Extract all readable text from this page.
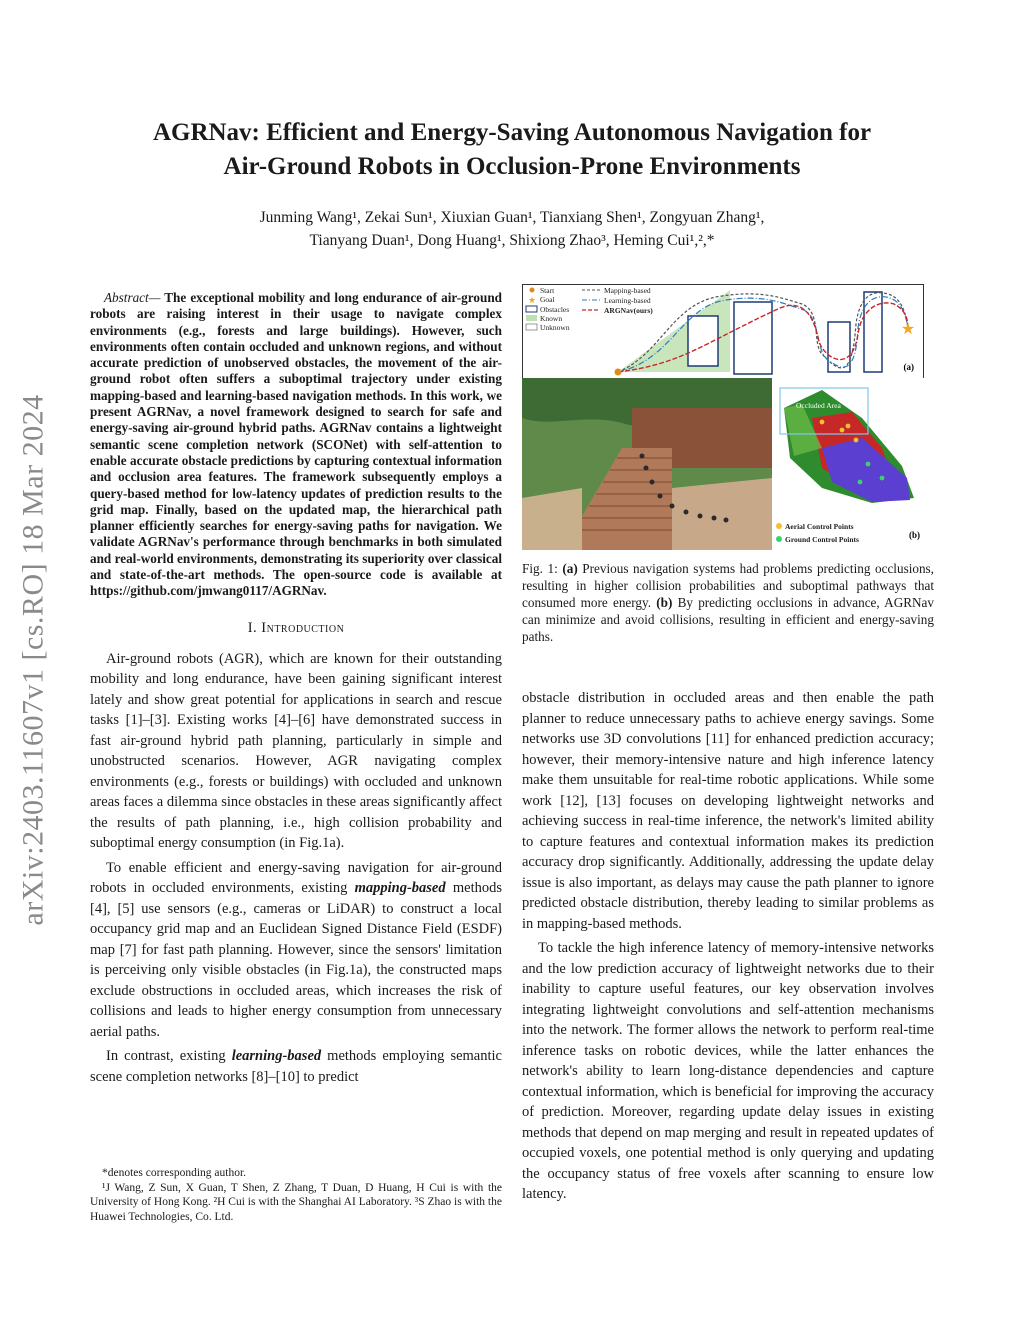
arXiv:2403.11607v1 [cs.RO] 18 Mar 2024
AGRNav: Efficient and Energy-Saving Autonomous Navigation for
Air-Ground Robots in Occlusion-Prone Environments
Junming Wang¹, Zekai Sun¹, Xiuxian Guan¹, Tianxiang Shen¹, Zongyuan Zhang¹,
Tianyang Duan¹, Dong Huang¹, Shixiong Zhao³, Heming Cui¹,²,*

Abstract— The exceptional mobility and long endurance of air-ground robots are raising interest in their usage to navigate complex environments (e.g., forests and large buildings). However, such environments often contain occluded and unknown regions, and without accurate prediction of unobserved obstacles, the movement of the air-ground robot often suffers a suboptimal trajectory under existing mapping-based and learning-based navigation methods. In this work, we present AGRNav, a novel framework designed to search for safe and energy-saving air-ground hybrid paths. AGRNav contains a lightweight semantic scene completion network (SCONet) with self-attention to enable accurate obstacle predictions by capturing contextual information and occlusion area features. The framework subsequently employs a query-based method for low-latency updates of prediction results to the grid map. Finally, based on the updated map, the hierarchical path planner efficiently searches for energy-saving paths for navigation. We validate AGRNav's performance through benchmarks in both simulated and real-world environments, demonstrating its superiority over classical and state-of-the-art methods. The open-source code is available at https://github.com/jmwang0117/AGRNav.

I. Introduction

Air-ground robots (AGR), which are known for their outstanding mobility and long endurance, have been gaining significant interest lately and show great potential for applications in search and rescue tasks [1]–[3]. Existing works [4]–[6] have demonstrated success in fast air-ground hybrid path planning, particularly in simple and unobstructed scenarios. However, AGR navigating complex environments (e.g., forests or buildings) with occluded and unknown areas faces a dilemma since obstacles in these areas significantly affect the results of path planning, i.e., high collision probability and suboptimal energy consumption (in Fig.1a).

To enable efficient and energy-saving navigation for air-ground robots in occluded environments, existing mapping-based methods [4], [5] use sensors (e.g., cameras or LiDAR) to construct a local occupancy grid map and an Euclidean Signed Distance Field (ESDF) map [7] for fast path planning. However, since the sensors' limitation is perceiving only visible obstacles (in Fig.1a), the constructed maps exclude obstructions in occluded areas, which increases the risk of collisions and leads to higher energy consumption from unnecessary aerial paths.

In contrast, existing learning-based methods employing semantic scene completion networks [8]–[10] to predict

*denotes corresponding author.

¹J Wang, Z Sun, X Guan, T Shen, Z Zhang, T Duan, D Huang, H Cui is with the University of Hong Kong. ²H Cui is with the Shanghai AI Laboratory. ³S Zhao is with the Huawei Technologies, Co. Ltd.

★
Start
★ Goal
Obstacles
Known
Unknown
Mapping-based
Learning-based
ARGNav(ours)
(a)
Occluded Area
Aerial Control Points
Ground Control Points	(b)

Fig. 1: (a) Previous navigation systems had problems predicting occlusions, resulting in higher collision probabilities and suboptimal pathways that consumed more energy. (b) By predicting occlusions in advance, AGRNav can minimize and avoid collisions, resulting in efficient and energy-saving paths.

obstacle distribution in occluded areas and then enable the path planner to reduce unnecessary paths to achieve energy savings. Some networks use 3D convolutions [11] for enhanced prediction accuracy; however, their memory-intensive nature and high inference latency make them unsuitable for real-time robotic applications. While some work [12], [13] focuses on developing lightweight networks and achieving success in real-time inference, the network's limited ability to capture features and contextual information makes its prediction accuracy drop significantly. Additionally, addressing the update delay issue is also important, as delays may cause the path planner to ignore predicted obstacle distribution, thereby leading to similar problems as in mapping-based methods.

To tackle the high inference latency of memory-intensive networks and the low prediction accuracy of lightweight networks due to their inability to capture useful features, our key observation involves integrating lightweight convolutions and self-attention mechanisms into the network. The former allows the network to perform real-time inference tasks on robotic devices, while the latter enhances the network's ability to learn long-distance dependencies and capture contextual information, which is beneficial for improving the accuracy of prediction. Moreover, regarding update delay issues in existing methods that depend on map merging and result in repeated updates of occupied voxels, one potential method is only querying and updating the occupancy status of free voxels after scanning to ensure low latency.
